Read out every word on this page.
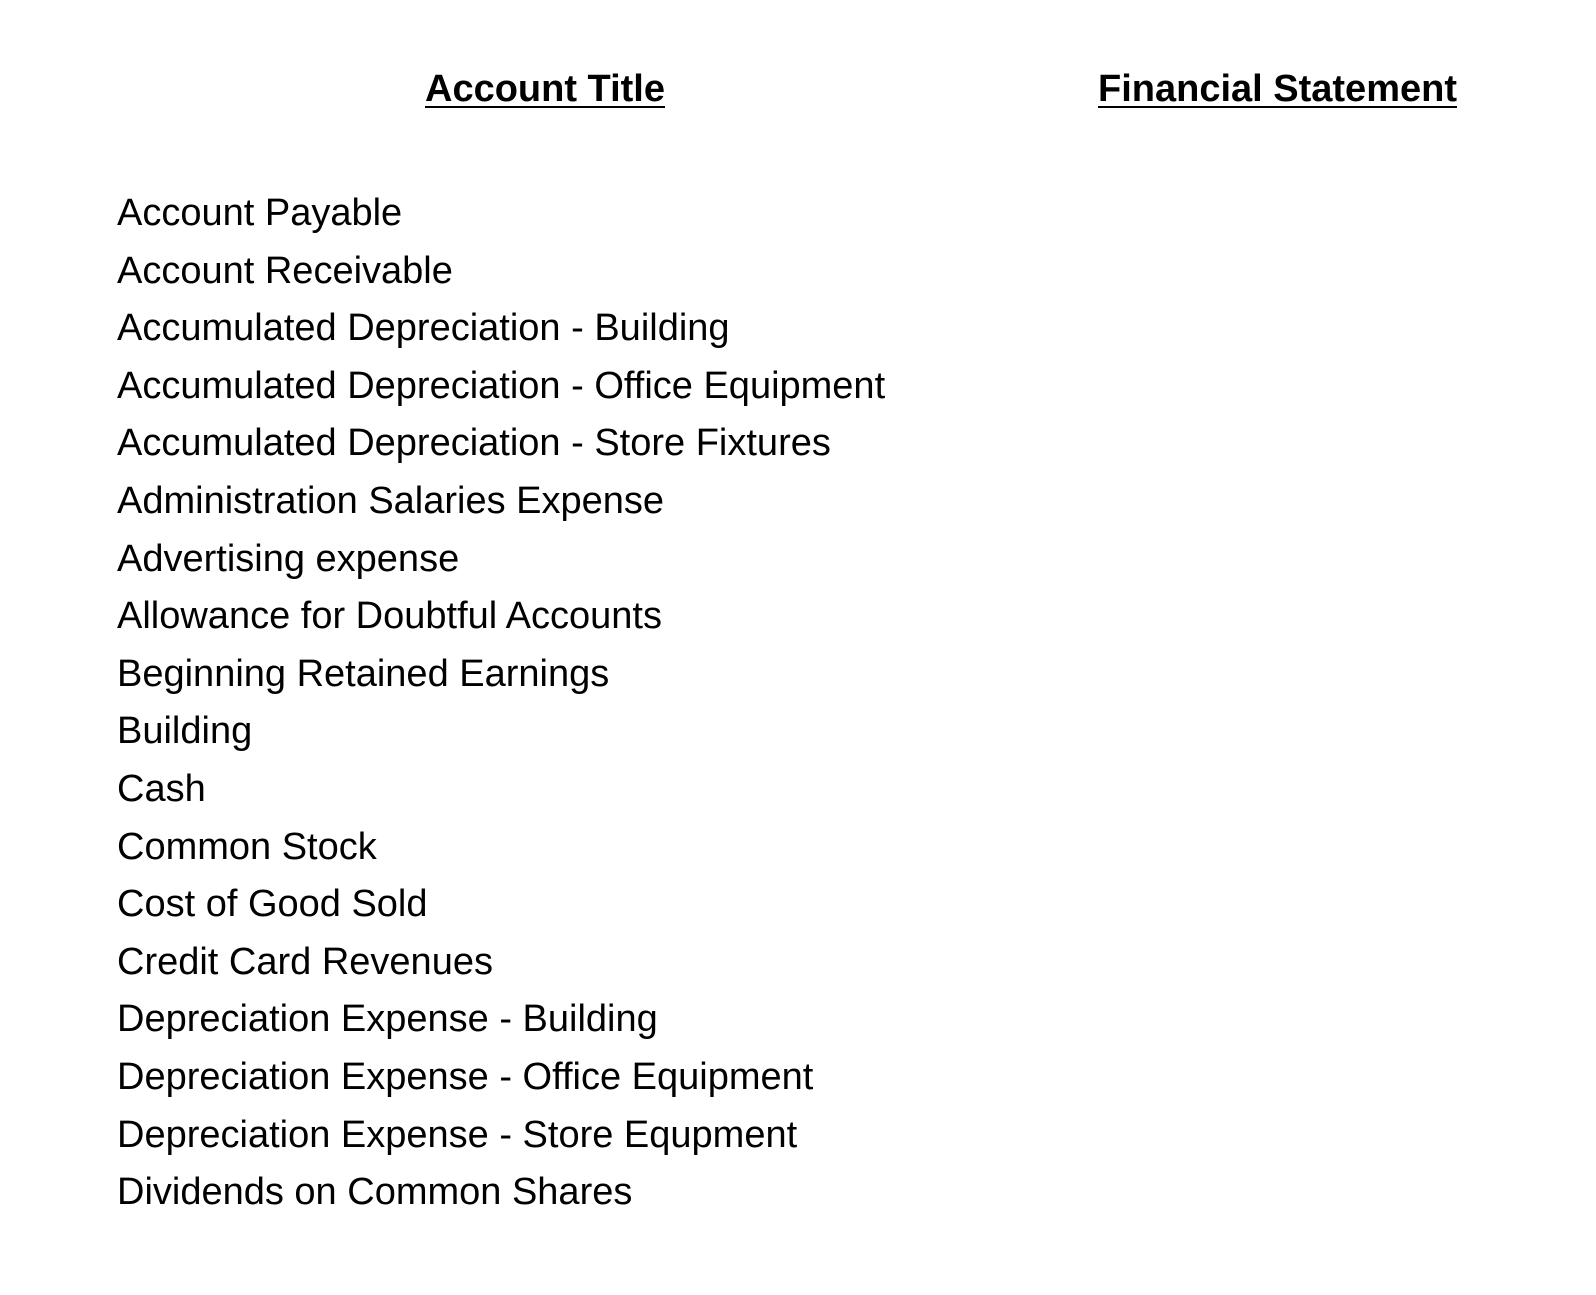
Account Title	Financial Statement
Account Payable
Account Receivable
Accumulated Depreciation - Building
Accumulated Depreciation - Office Equipment
Accumulated Depreciation - Store Fixtures
Administration Salaries Expense
Advertising expense
Allowance for Doubtful Accounts
Beginning Retained Earnings
Building
Cash
Common Stock
Cost of Good Sold
Credit Card Revenues
Depreciation Expense - Building
Depreciation Expense - Office Equipment
Depreciation Expense - Store Equpment
Dividends on Common Shares
